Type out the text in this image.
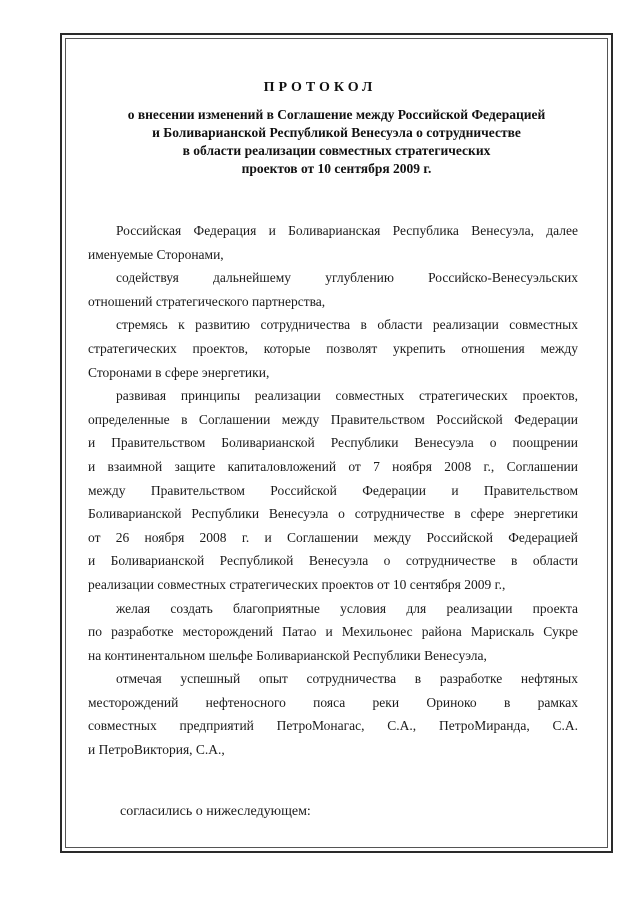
ПРОТОКОЛ
о внесении изменений в Соглашение между Российской Федерацией
и Боливарианской Республикой Венесуэла о сотрудничестве
в области реализации совместных стратегических
проектов от 10 сентября 2009 г.
Российская Федерация и Боливарианская Республика Венесуэла, далее
именуемые Сторонами,
содействуя дальнейшему углублению Российско-Венесуэльских
отношений стратегического партнерства,
стремясь к развитию сотрудничества в области реализации совместных
стратегических проектов, которые позволят укрепить отношения между
Сторонами в сфере энергетики,
развивая принципы реализации совместных стратегических проектов,
определенные в Соглашении между Правительством Российской Федерации
и Правительством Боливарианской Республики Венесуэла о поощрении
и взаимной защите капиталовложений от 7 ноября 2008 г., Соглашении
между Правительством Российской Федерации и Правительством
Боливарианской Республики Венесуэла о сотрудничестве в сфере энергетики
от 26 ноября 2008 г. и Соглашении между Российской Федерацией
и Боливарианской Республикой Венесуэла о сотрудничестве в области
реализации совместных стратегических проектов от 10 сентября 2009 г.,
желая создать благоприятные условия для реализации проекта
по разработке месторождений Патао и Мехильонес района Марискаль Сукре
на континентальном шельфе Боливарианской Республики Венесуэла,
отмечая успешный опыт сотрудничества в разработке нефтяных
месторождений нефтеносного пояса реки Ориноко в рамках
совместных предприятий ПетроМонагас, С.А., ПетроМиранда, С.А.
и ПетроВиктория, С.А.,
согласились о нижеследующем:
